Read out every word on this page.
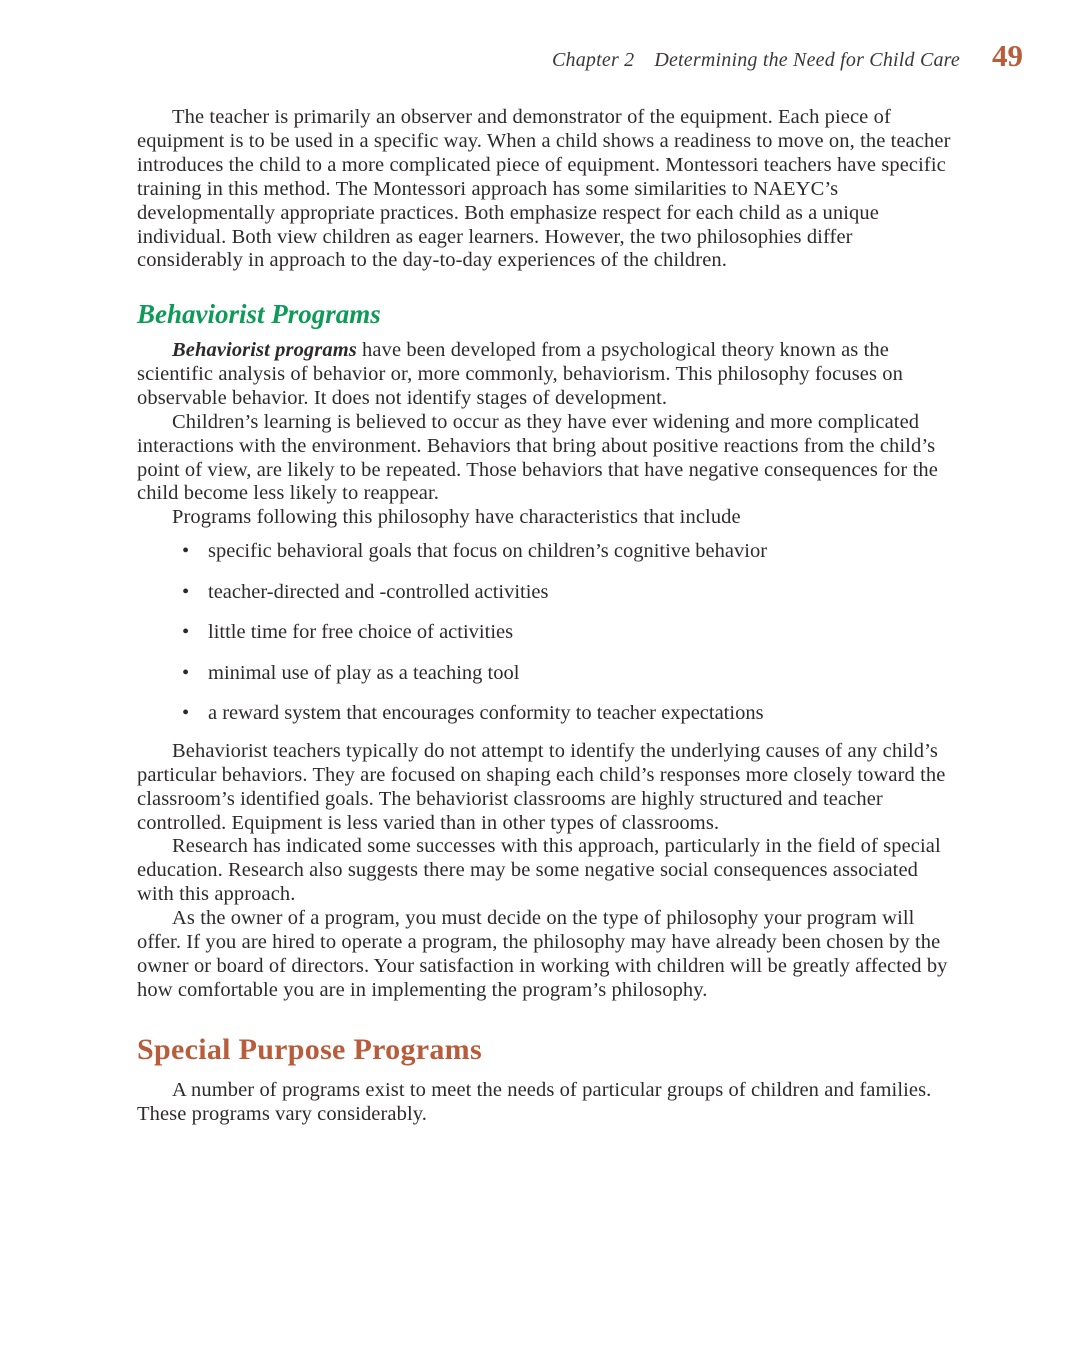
Chapter 2 Determining the Need for Child Care 49

The teacher is primarily an observer and demonstrator of the equipment. Each piece of equipment is to be used in a specific way. When a child shows a readiness to move on, the teacher introduces the child to a more complicated piece of equipment. Montessori teachers have specific training in this method. The Montessori approach has some similarities to NAEYC’s developmentally appropriate practices. Both emphasize respect for each child as a unique individual. Both view children as eager learners. However, the two philosophies differ considerably in approach to the day-to-day experiences of the children.

Behaviorist Programs

Behaviorist programs have been developed from a psychological theory known as the scientific analysis of behavior or, more commonly, behaviorism. This philosophy focuses on observable behavior. It does not identify stages of development.

Children’s learning is believed to occur as they have ever widening and more complicated interactions with the environment. Behaviors that bring about positive reactions from the child’s point of view, are likely to be repeated. Those behaviors that have negative consequences for the child become less likely to reappear.

Programs following this philosophy have characteristics that include

• specific behavioral goals that focus on children’s cognitive behavior
• teacher-directed and -controlled activities
• little time for free choice of activities
• minimal use of play as a teaching tool
• a reward system that encourages conformity to teacher expectations

Behaviorist teachers typically do not attempt to identify the underlying causes of any child’s particular behaviors. They are focused on shaping each child’s responses more closely toward the classroom’s identified goals. The behaviorist classrooms are highly structured and teacher controlled. Equipment is less varied than in other types of classrooms.

Research has indicated some successes with this approach, particularly in the field of special education. Research also suggests there may be some negative social consequences associated with this approach.

As the owner of a program, you must decide on the type of philosophy your program will offer. If you are hired to operate a program, the philosophy may have already been chosen by the owner or board of directors. Your satisfaction in working with children will be greatly affected by how comfortable you are in implementing the program’s philosophy.

Special Purpose Programs

A number of programs exist to meet the needs of particular groups of children and families. These programs vary considerably.
